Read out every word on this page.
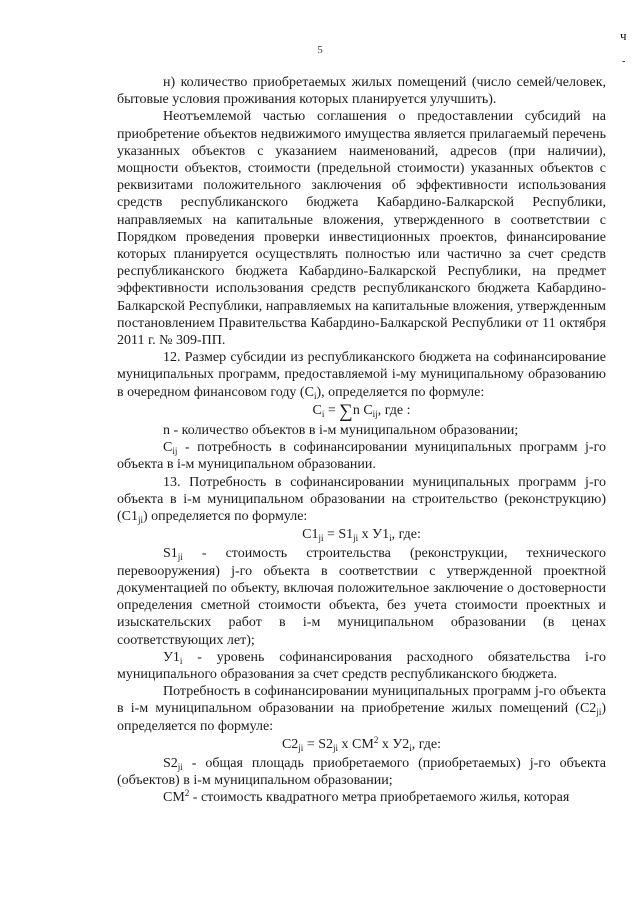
5
ч
-

н) количество приобретаемых жилых помещений (число семей/человек, бытовые условия проживания которых планируется улучшить).

Неотъемлемой частью соглашения о предоставлении субсидий на приобретение объектов недвижимого имущества является прилагаемый перечень указанных объектов с указанием наименований, адресов (при наличии), мощности объектов, стоимости (предельной стоимости) указанных объектов с реквизитами положительного заключения об эффективности использования средств республиканского бюджета Кабардино-Балкарской Республики, направляемых на капитальные вложения, утвержденного в соответствии с Порядком проведения проверки инвестиционных проектов, финансирование которых планируется осуществлять полностью или частично за счет средств республиканского бюджета Кабардино-Балкарской Республики, на предмет эффективности использования средств республиканского бюджета Кабардино-Балкарской Республики, направляемых на капитальные вложения, утвержденным постановлением Правительства Кабардино-Балкарской Республики от 11 октября 2011 г. № 309-ПП.

12. Размер субсидии из республиканского бюджета на софинансирование муниципальных программ, предоставляемой i-му муниципальному образованию в очередном финансовом году $(C_i)$, определяется по формуле:

$C_i = \sum n$ $C_{ij}$, где :

n - количество объектов в i-м муниципальном образовании;

$C_{ij}$ - потребность в софинансировании муниципальных программ j-го объекта в i-м муниципальном образовании.

13. Потребность в софинансировании муниципальных программ j-го объекта в i-м муниципальном образовании на строительство (реконструкцию) $(C1_{ji})$ определяется по формуле:

$C1_{ji} = S1_{ji}$ х $У1_i$, где:

$S1_{ji}$ - стоимость строительства (реконструкции, технического перевооружения) j-го объекта в соответствии с утвержденной проектной документацией по объекту, включая положительное заключение о достоверности определения сметной стоимости объекта, без учета стоимости проектных и изыскательских работ в i-м муниципальном образовании (в ценах соответствующих лет);

$У1_i$ - уровень софинансирования расходного обязательства i-го муниципального образования за счет средств республиканского бюджета.

Потребность в софинансировании муниципальных программ j-го объекта в i-м муниципальном образовании на приобретение жилых помещений $(C2_{ji})$ определяется по формуле:

$C2_{ji} = S2_{ji}$ х $CM^2$ х $У2_i$, где:

$S2_{ji}$ - общая площадь приобретаемого (приобретаемых) j-го объекта (объектов) в i-м муниципальном образовании;

$CM^2$ - стоимость квадратного метра приобретаемого жилья, которая
